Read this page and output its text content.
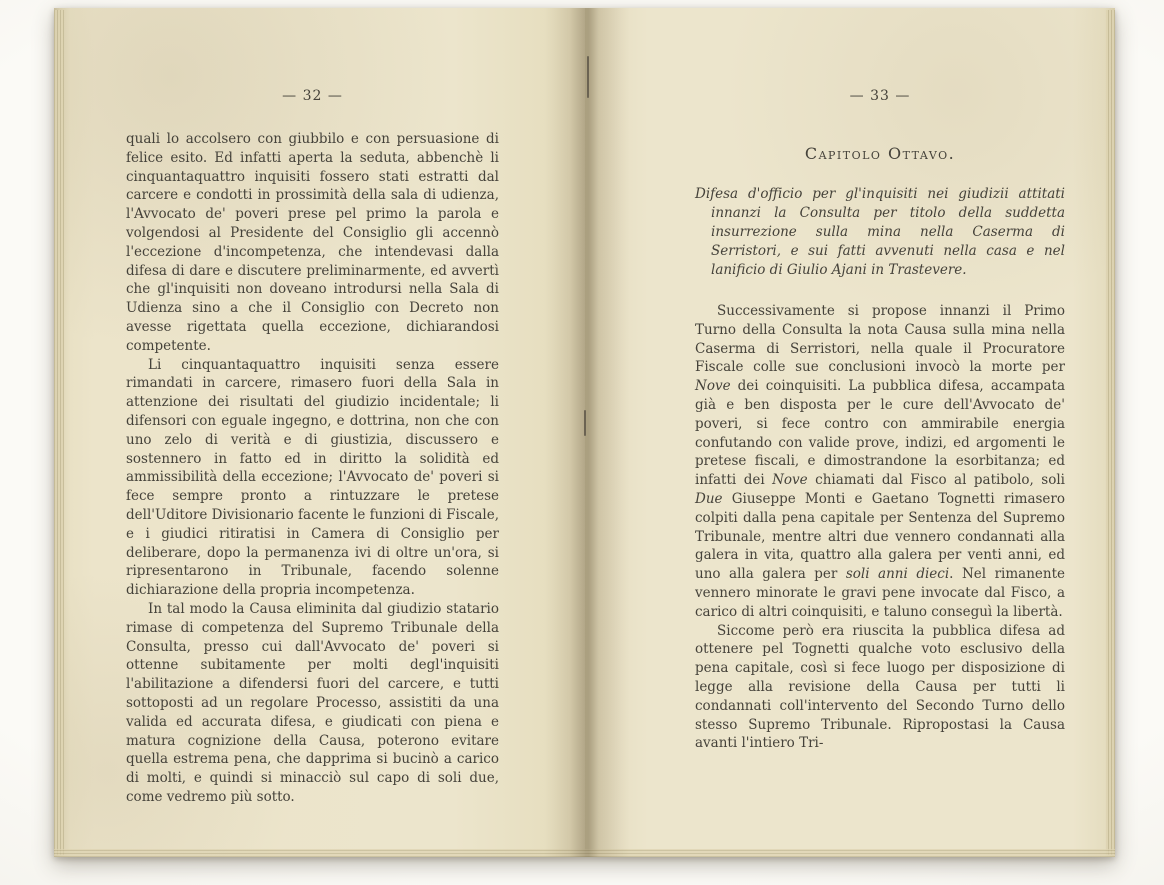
— 32 —

quali lo accolsero con giubbilo e con persuasione di felice esito. Ed infatti aperta la seduta, abbenchè li cinquantaquattro inquisiti fossero stati estratti dal carcere e condotti in prossimità della sala di udienza, l'Avvocato de' poveri prese pel primo la parola e volgendosi al Presidente del Consiglio gli accennò l'eccezione d'incompetenza, che intendevasi dalla difesa di dare e discutere preliminarmente, ed avvertì che gl'inquisiti non doveano introdursi nella Sala di Udienza sino a che il Consiglio con Decreto non avesse rigettata quella eccezione, dichiarandosi competente.

Li cinquantaquattro inquisiti senza essere rimandati in carcere, rimasero fuori della Sala in attenzione dei risultati del giudizio incidentale; li difensori con eguale ingegno, e dottrina, non che con uno zelo di verità e di giustizia, discussero e sostennero in fatto ed in diritto la solidità ed ammissibilità della eccezione; l'Avvocato de' poveri si fece sempre pronto a rintuzzare le pretese dell'Uditore Divisionario facente le funzioni di Fiscale, e i giudici ritiratisi in Camera di Consiglio per deliberare, dopo la permanenza ivi di oltre un'ora, si ripresentarono in Tribunale, facendo solenne dichiarazione della propria incompetenza.

In tal modo la Causa eliminita dal giudizio statario rimase di competenza del Supremo Tribunale della Consulta, presso cui dall'Avvocato de' poveri si ottenne subitamente per molti degl'inquisiti l'abilitazione a difendersi fuori del carcere, e tutti sottoposti ad un regolare Processo, assistiti da una valida ed accurata difesa, e giudicati con piena e matura cognizione della Causa, poterono evitare quella estrema pena, che dapprima si bucinò a carico di molti, e quindi si minacciò sul capo di soli due, come vedremo più sotto.

— 33 —
Capitolo Ottavo.
Difesa d'officio per gl'inquisiti nei giudizii attitati innanzi la Consulta per titolo della suddetta insurrezione sulla mina nella Caserma di Serristori, e sui fatti avvenuti nella casa e nel lanificio di Giulio Ajani in Trastevere.

Successivamente si propose innanzi il Primo Turno della Consulta la nota Causa sulla mina nella Caserma di Serristori, nella quale il Procuratore Fiscale colle sue conclusioni invocò la morte per Nove dei coinquisiti. La pubblica difesa, accampata già e ben disposta per le cure dell'Avvocato de' poveri, si fece contro con ammirabile energia confutando con valide prove, indizi, ed argomenti le pretese fiscali, e dimostrandone la esorbitanza; ed infatti dei Nove chiamati dal Fisco al patibolo, soli Due Giuseppe Monti e Gaetano Tognetti rimasero colpiti dalla pena capitale per Sentenza del Supremo Tribunale, mentre altri due vennero condannati alla galera in vita, quattro alla galera per venti anni, ed uno alla galera per soli anni dieci. Nel rimanente vennero minorate le gravi pene invocate dal Fisco, a carico di altri coinquisiti, e taluno conseguì la libertà.

Siccome però era riuscita la pubblica difesa ad ottenere pel Tognetti qualche voto esclusivo della pena capitale, così si fece luogo per disposizione di legge alla revisione della Causa per tutti li condannati coll'intervento del Secondo Turno dello stesso Supremo Tribunale. Ripropostasi la Causa avanti l'intiero Tri-
